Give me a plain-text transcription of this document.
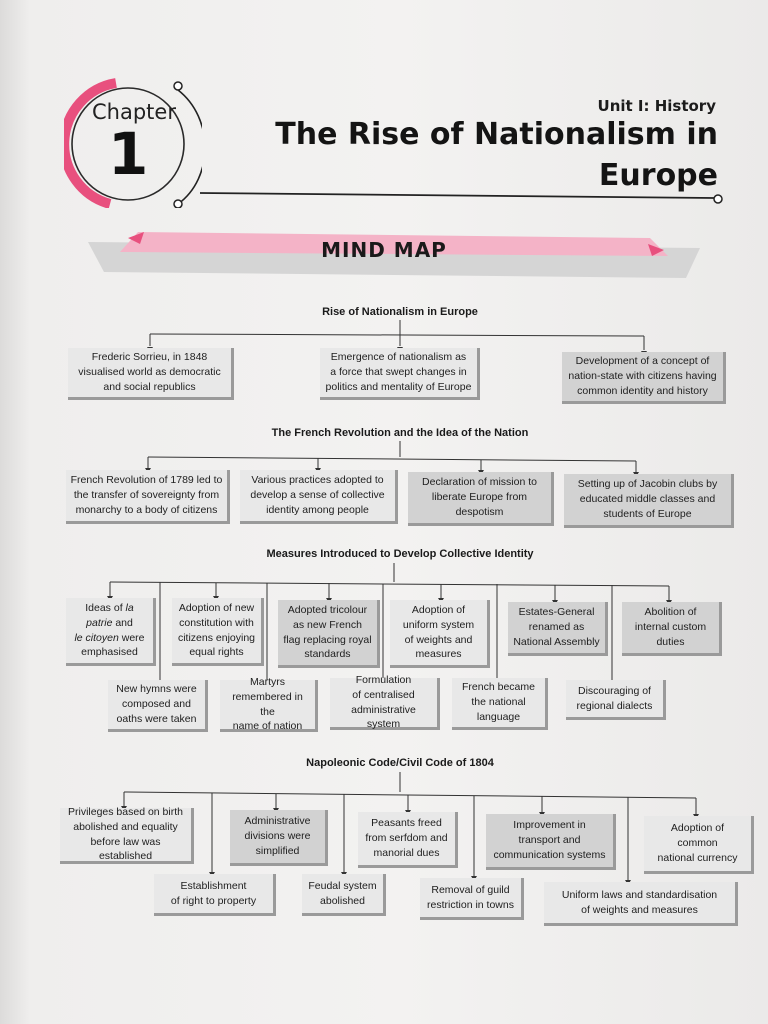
Chapter
1
Unit I: History
The Rise of Nationalism in
Europe
MIND MAP
Rise of Nationalism in Europe
The French Revolution and the Idea of the Nation
Measures Introduced to Develop Collective Identity
Napoleonic Code/Civil Code of 1804
Frederic Sorrieu, in 1848
visualised world as democratic
and social republics
Emergence of nationalism as
a force that swept changes in
politics and mentality of Europe
Development of a concept of
nation-state with citizens having
common identity and history
French Revolution of 1789 led to
the transfer of sovereignty from
monarchy to a body of citizens
Various practices adopted to
develop a sense of collective
identity among people
Declaration of mission to
liberate Europe from
despotism
Setting up of Jacobin clubs by
educated middle classes and
students of Europe
Ideas of la
patrie and
le citoyen were
emphasised
Adoption of new
constitution with
citizens enjoying
equal rights
Adopted tricolour
as new French
flag replacing royal
standards
Adoption of
uniform system
of weights and
measures
Estates-General
renamed as
National Assembly
Abolition of
internal custom
duties
New hymns were
composed and
oaths were taken
Martyrs
remembered in the
name of nation
Formulation
of centralised
administrative system
French became
the national
language
Discouraging of
regional dialects
Privileges based on birth
abolished and equality
before law was established
Administrative
divisions were
simplified
Peasants freed
from serfdom and
manorial dues
Improvement in
transport and
communication systems
Adoption of
common
national currency
Establishment
of right to property
Feudal system
abolished
Removal of guild
restriction in towns
Uniform laws and standardisation
of weights and measures
